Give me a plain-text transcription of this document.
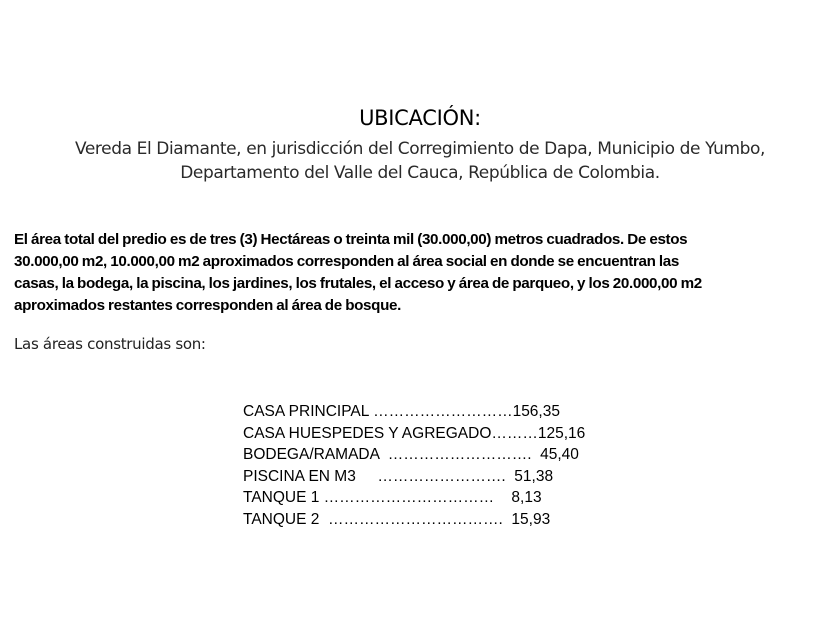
UBICACIÓN:
Vereda El Diamante, en jurisdicción del Corregimiento de Dapa, Municipio de Yumbo,
Departamento del Valle del Cauca, República de Colombia.
El área total del predio es de tres (3) Hectáreas o treinta mil (30.000,00) metros cuadrados. De estos
30.000,00 m2, 10.000,00 m2 aproximados corresponden al área social en donde se encuentran las
casas, la bodega, la piscina, los jardines, los frutales, el acceso y área de parqueo, y los 20.000,00 m2
aproximados restantes corresponden al área de bosque.
Las áreas construidas son:
CASA PRINCIPAL ………………………156,35
CASA HUESPEDES Y AGREGADO………125,16
BODEGA/RAMADA  ……………………….  45,40
PISCINA EN M3     …………………….  51,38
TANQUE 1 ……………………………    8,13
TANQUE 2  …………………………….  15,93
